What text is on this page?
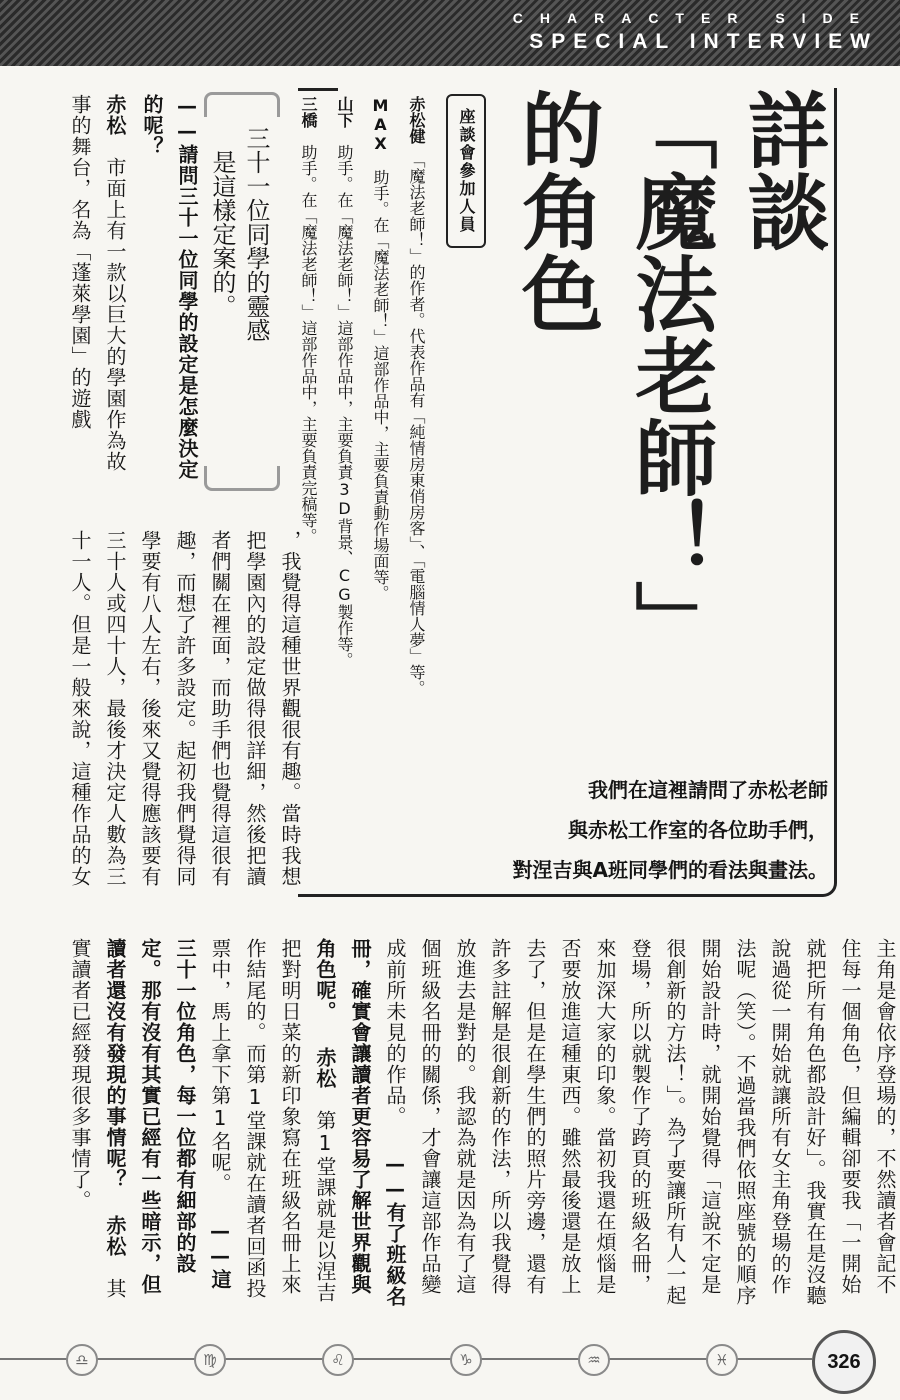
CHARACTER SIDE
SPECIAL INTERVIEW
詳談
「魔法老師！」
的角色
座談會參加人員
赤松健　「魔法老師！」的作者。代表作品有「純情房東俏房客」、「電腦情人夢」等。
MAX　助手。在「魔法老師！」這部作品中，主要負責動作場面等。
山下　助手。在「魔法老師！」這部作品中，主要負責3D背景、CG製作等。
三橋　助手。在「魔法老師！」這部作品中，主要負責完稿等。
我們在這裡請問了赤松老師
與赤松工作室的各位助手們，
對涅吉與A班同學們的看法與畫法。
三十一位同學的靈感
是這樣定案的。
——請問三十一位同學的設定是怎麼決定的呢？
赤松　市面上有一款以巨大的學園作為故事的舞台，名為「蓬萊學園」的遊戲
，我覺得這種世界觀很有趣。當時我想把學園內的設定做得很詳細，然後把讀者們關在裡面，而助手們也覺得這很有趣，而想了許多設定。起初我們覺得同學要有八人左右，後來又覺得應該要有三十人或四十人，最後才決定人數為三十一人。但是一般來說，這種作品的女
主角是會依序登場的，不然讀者會記不住每一個角色，但編輯卻要我「一開始就把所有角色都設計好」。我實在是沒聽說過從一開始就讓所有女主角登場的作法呢（笑）。不過當我們依照座號的順序開始設計時，就開始覺得「這說不定是很創新的方法！」。為了要讓所有人一起登場，所以就製作了跨頁的班級名冊，來加深大家的印象。當初我還在煩惱是否要放進這種東西。雖然最後還是放上去了，但是在學生們的照片旁邊，還有許多註解是很創新的作法，所以我覺得放進去是對的。我認為就是因為有了這個班級名冊的關係，才會讓這部作品變成前所未見的作品。 ——有了班級名冊，確實會讓讀者更容易了解世界觀與角色呢。 赤松　第1堂課就是以涅吉把對明日菜的新印象寫在班級名冊上來作結尾的。而第1堂課就在讀者回函投票中，馬上拿下第1名呢。 ——這三十一位角色，每一位都有細部的設定。那有沒有其實已經有一些暗示，但讀者還沒有發現的事情呢？ 赤松　其實讀者已經發現很多事情了。
♎	♍	♌	♑	♒	♓	326
